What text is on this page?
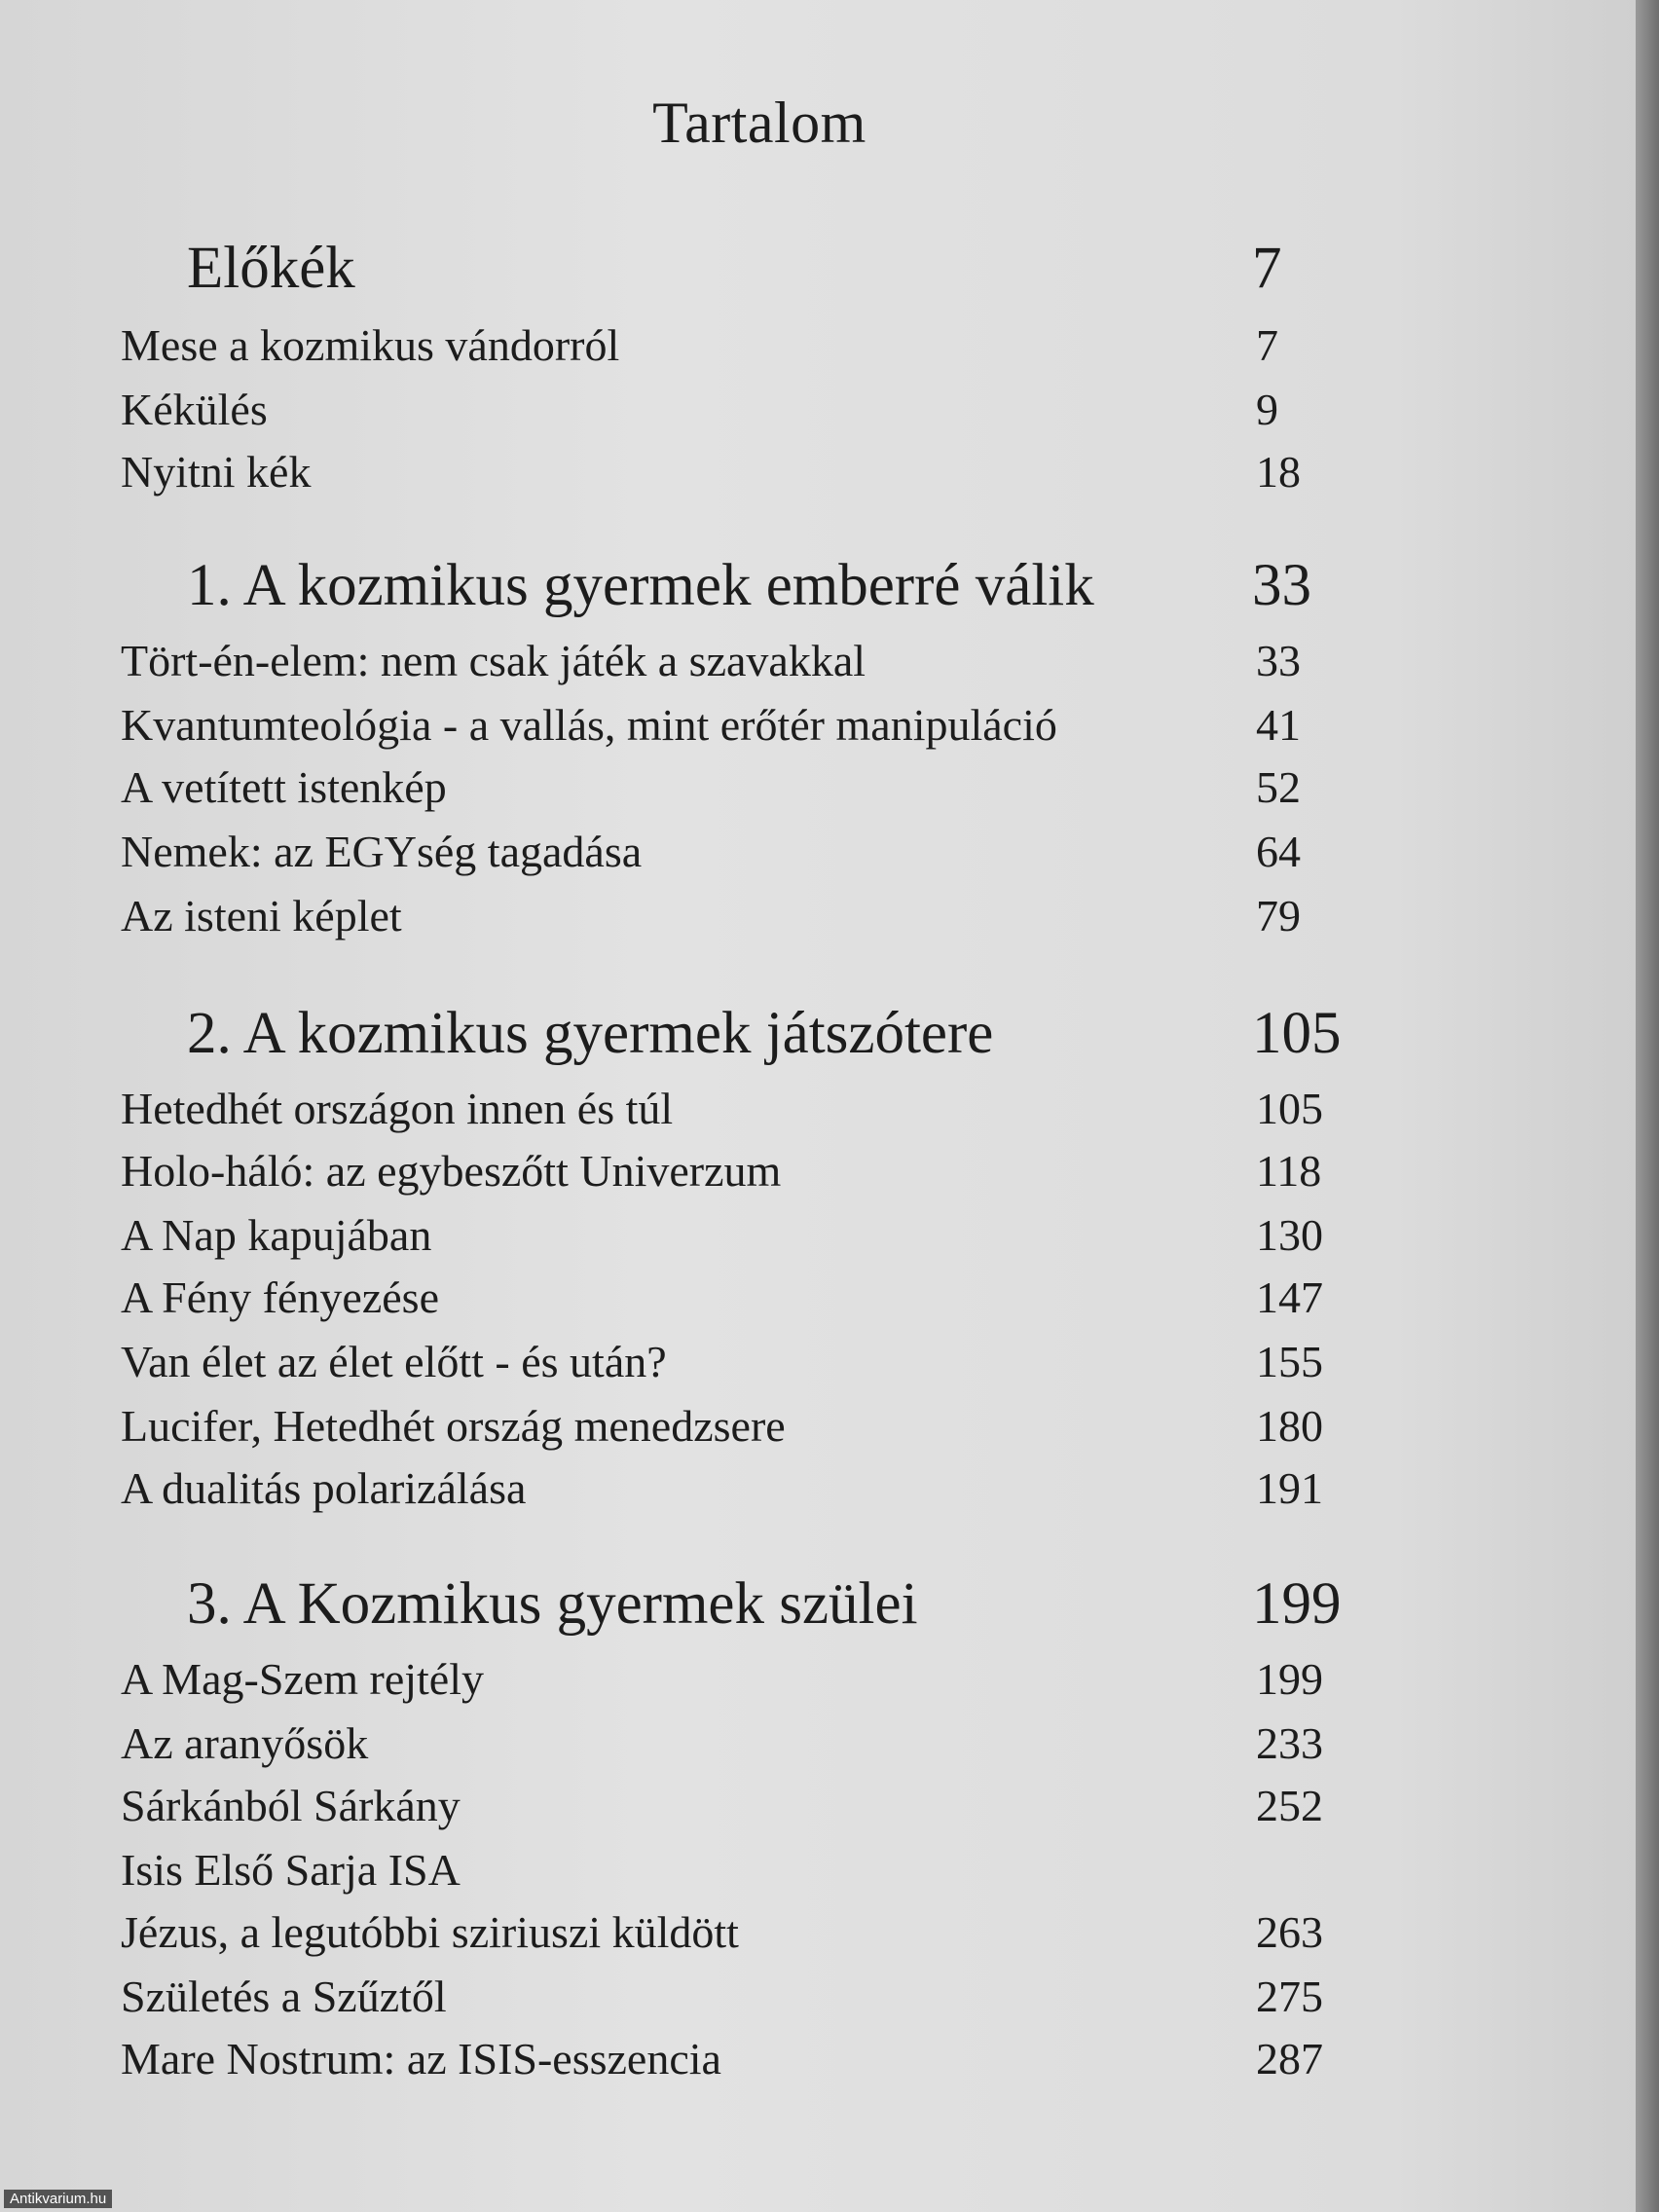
Tartalom
Előkék	7
Mese a kozmikus vándorról	7
Kékülés	9
Nyitni kék	18
1. A kozmikus gyermek emberré válik	33
Tört-én-elem: nem csak játék a szavakkal	33
Kvantumteológia - a vallás, mint erőtér manipuláció	41
A vetített istenkép	52
Nemek: az EGYség tagadása	64
Az isteni képlet	79
2. A kozmikus gyermek játszótere	105
Hetedhét országon innen és túl	105
Holo-háló: az egybeszőtt Univerzum	118
A Nap kapujában	130
A Fény fényezése	147
Van élet az élet előtt - és után?	155
Lucifer, Hetedhét ország menedzsere	180
A dualitás polarizálása	191
3. A Kozmikus gyermek szülei	199
A Mag-Szem rejtély	199
Az aranyősök	233
Sárkánból Sárkány	252
Isis Első Sarja ISA
Jézus, a legutóbbi sziriuszi küldött	263
Születés a Szűztől	275
Mare Nostrum: az ISIS-esszencia	287
Antikvarium.hu
